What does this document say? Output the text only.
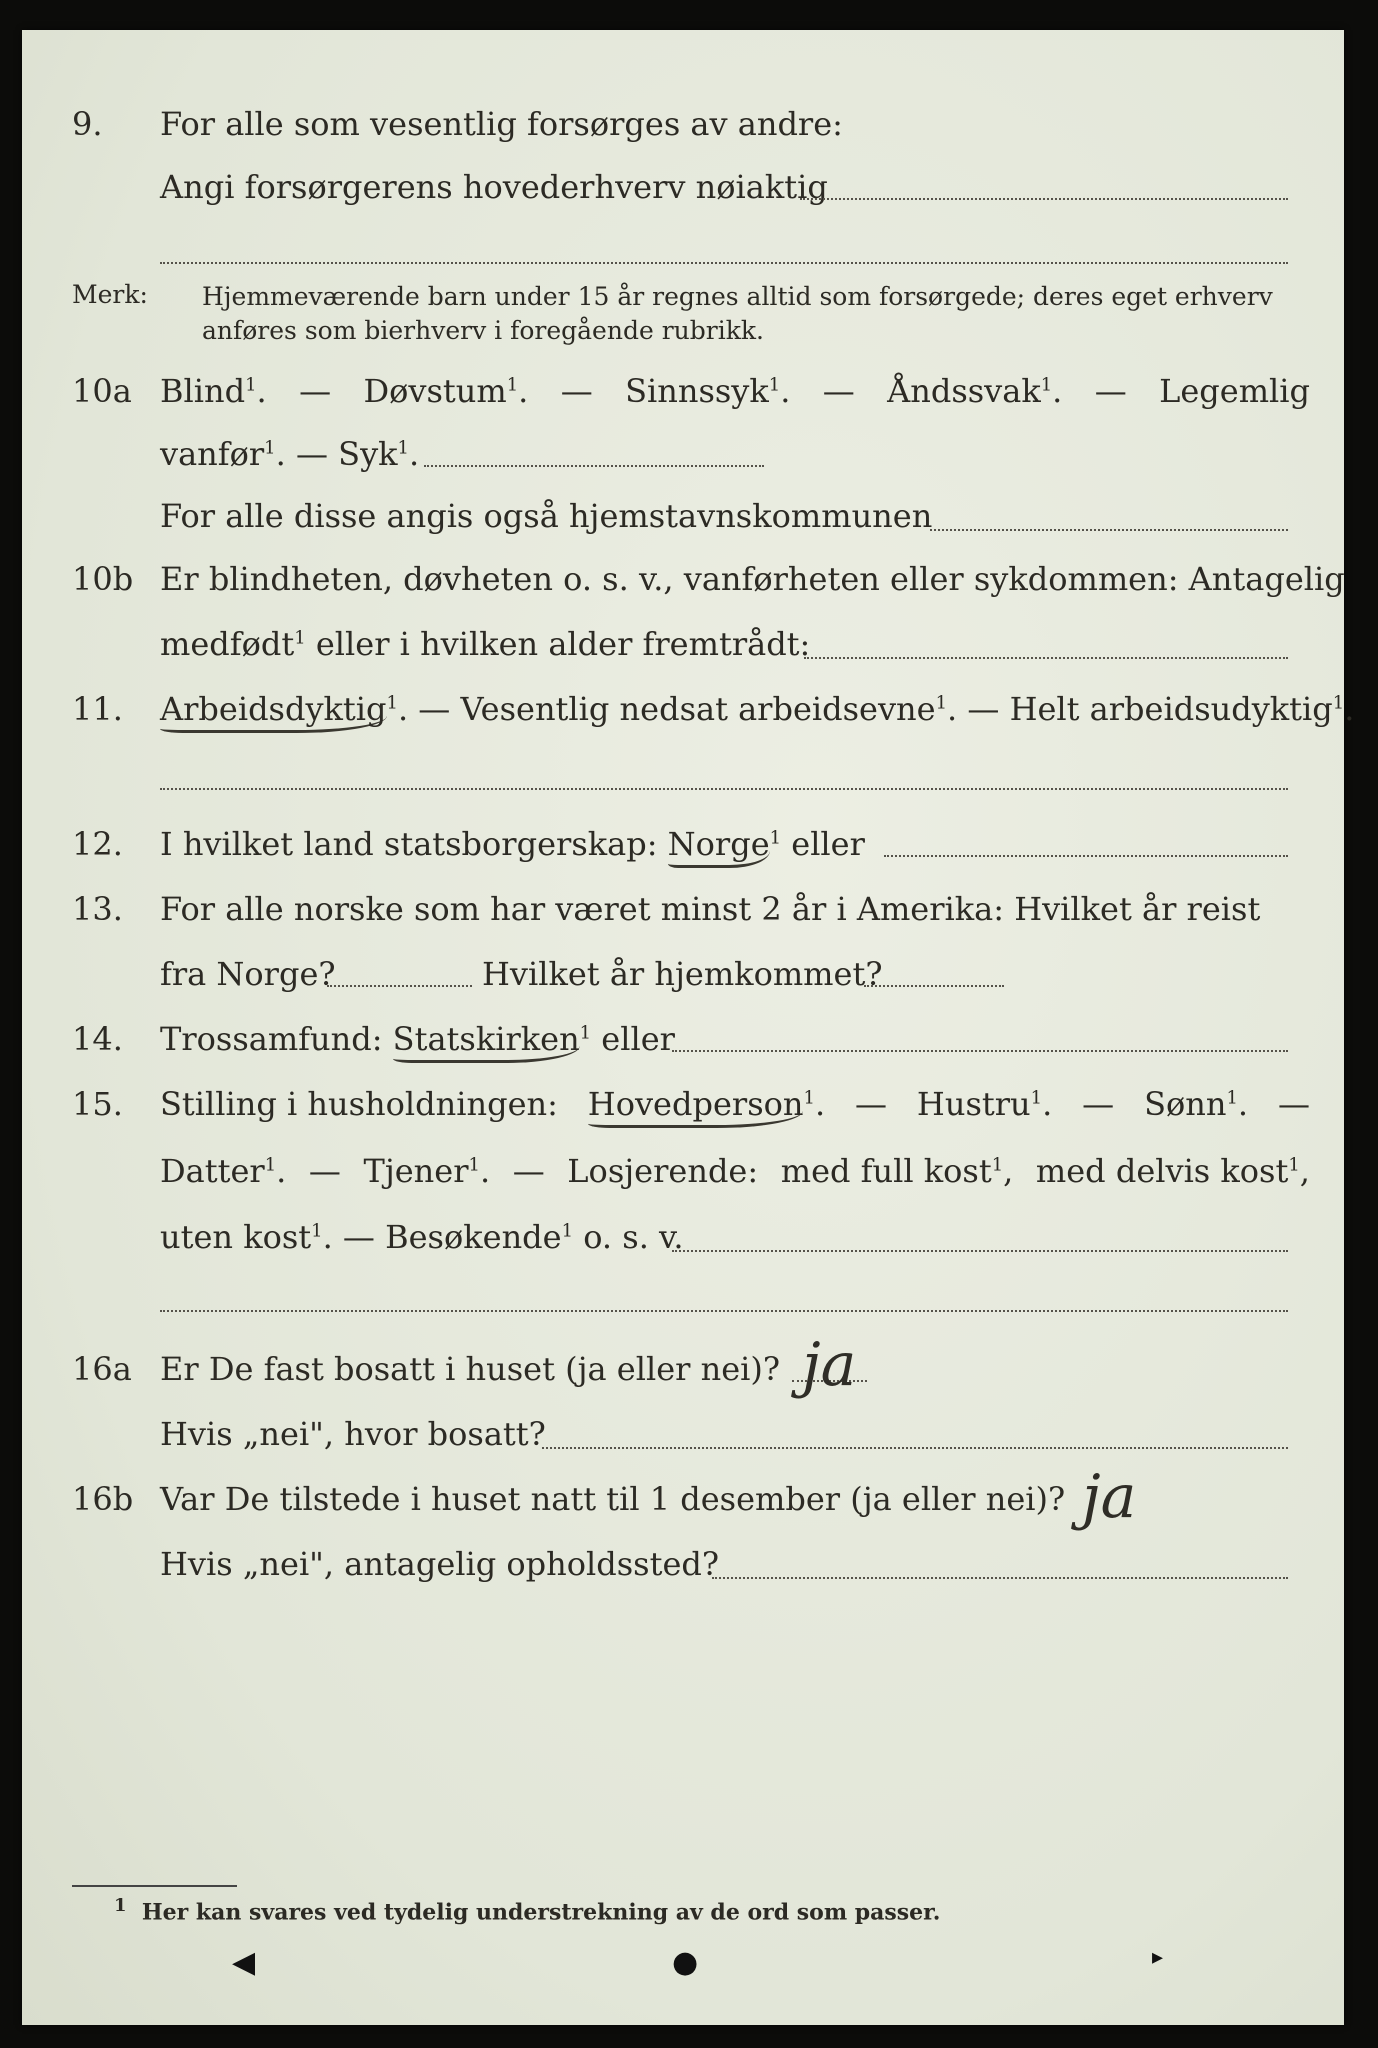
9. For alle som vesentlig forsørges av andre:
Angi forsørgerens hovederhverv nøiaktig
Merk: Hjemmeværende barn under 15 år regnes alltid som forsørgede; deres eget erhverv
anføres som bierhverv i foregående rubrikk.
10a Blind$^1$. — Døvstum$^1$. — Sinnssyk$^1$. — Åndssvak$^1$. — Legemlig
vanfør$^1$. — Syk$^1$.
For alle disse angis også hjemstavnskommunen
10b Er blindheten, døvheten o. s. v., vanførheten eller sykdommen: Antagelig
medfødt$^1$ eller i hvilken alder fremtrådt:
11. Arbeidsdyktig$^1$. — Vesentlig nedsat arbeidsevne$^1$. — Helt arbeidsudyktig$^1$.
12. I hvilket land statsborgerskap: Norge$^1$ eller
13. For alle norske som har været minst 2 år i Amerika: Hvilket år reist
fra Norge?	Hvilket år hjemkommet?
14. Trossamfund: Statskirken$^1$ eller
15. Stilling i husholdningen: Hovedperson$^1$. — Hustru$^1$. — Sønn$^1$. —
Datter$^1$. — Tjener$^1$. — Losjerende: med full kost$^1$, med delvis kost$^1$,
uten kost$^1$. — Besøkende$^1$ o. s. v.
16a Er De fast bosatt i huset (ja eller nei)? ja
Hvis „nei", hvor bosatt?
16b Var De tilstede i huset natt til 1 desember (ja eller nei)? ja
Hvis „nei", antagelig opholdssted?
$^1$ Her kan svares ved tydelig understrekning av de ord som passer.
◀	●	▸
